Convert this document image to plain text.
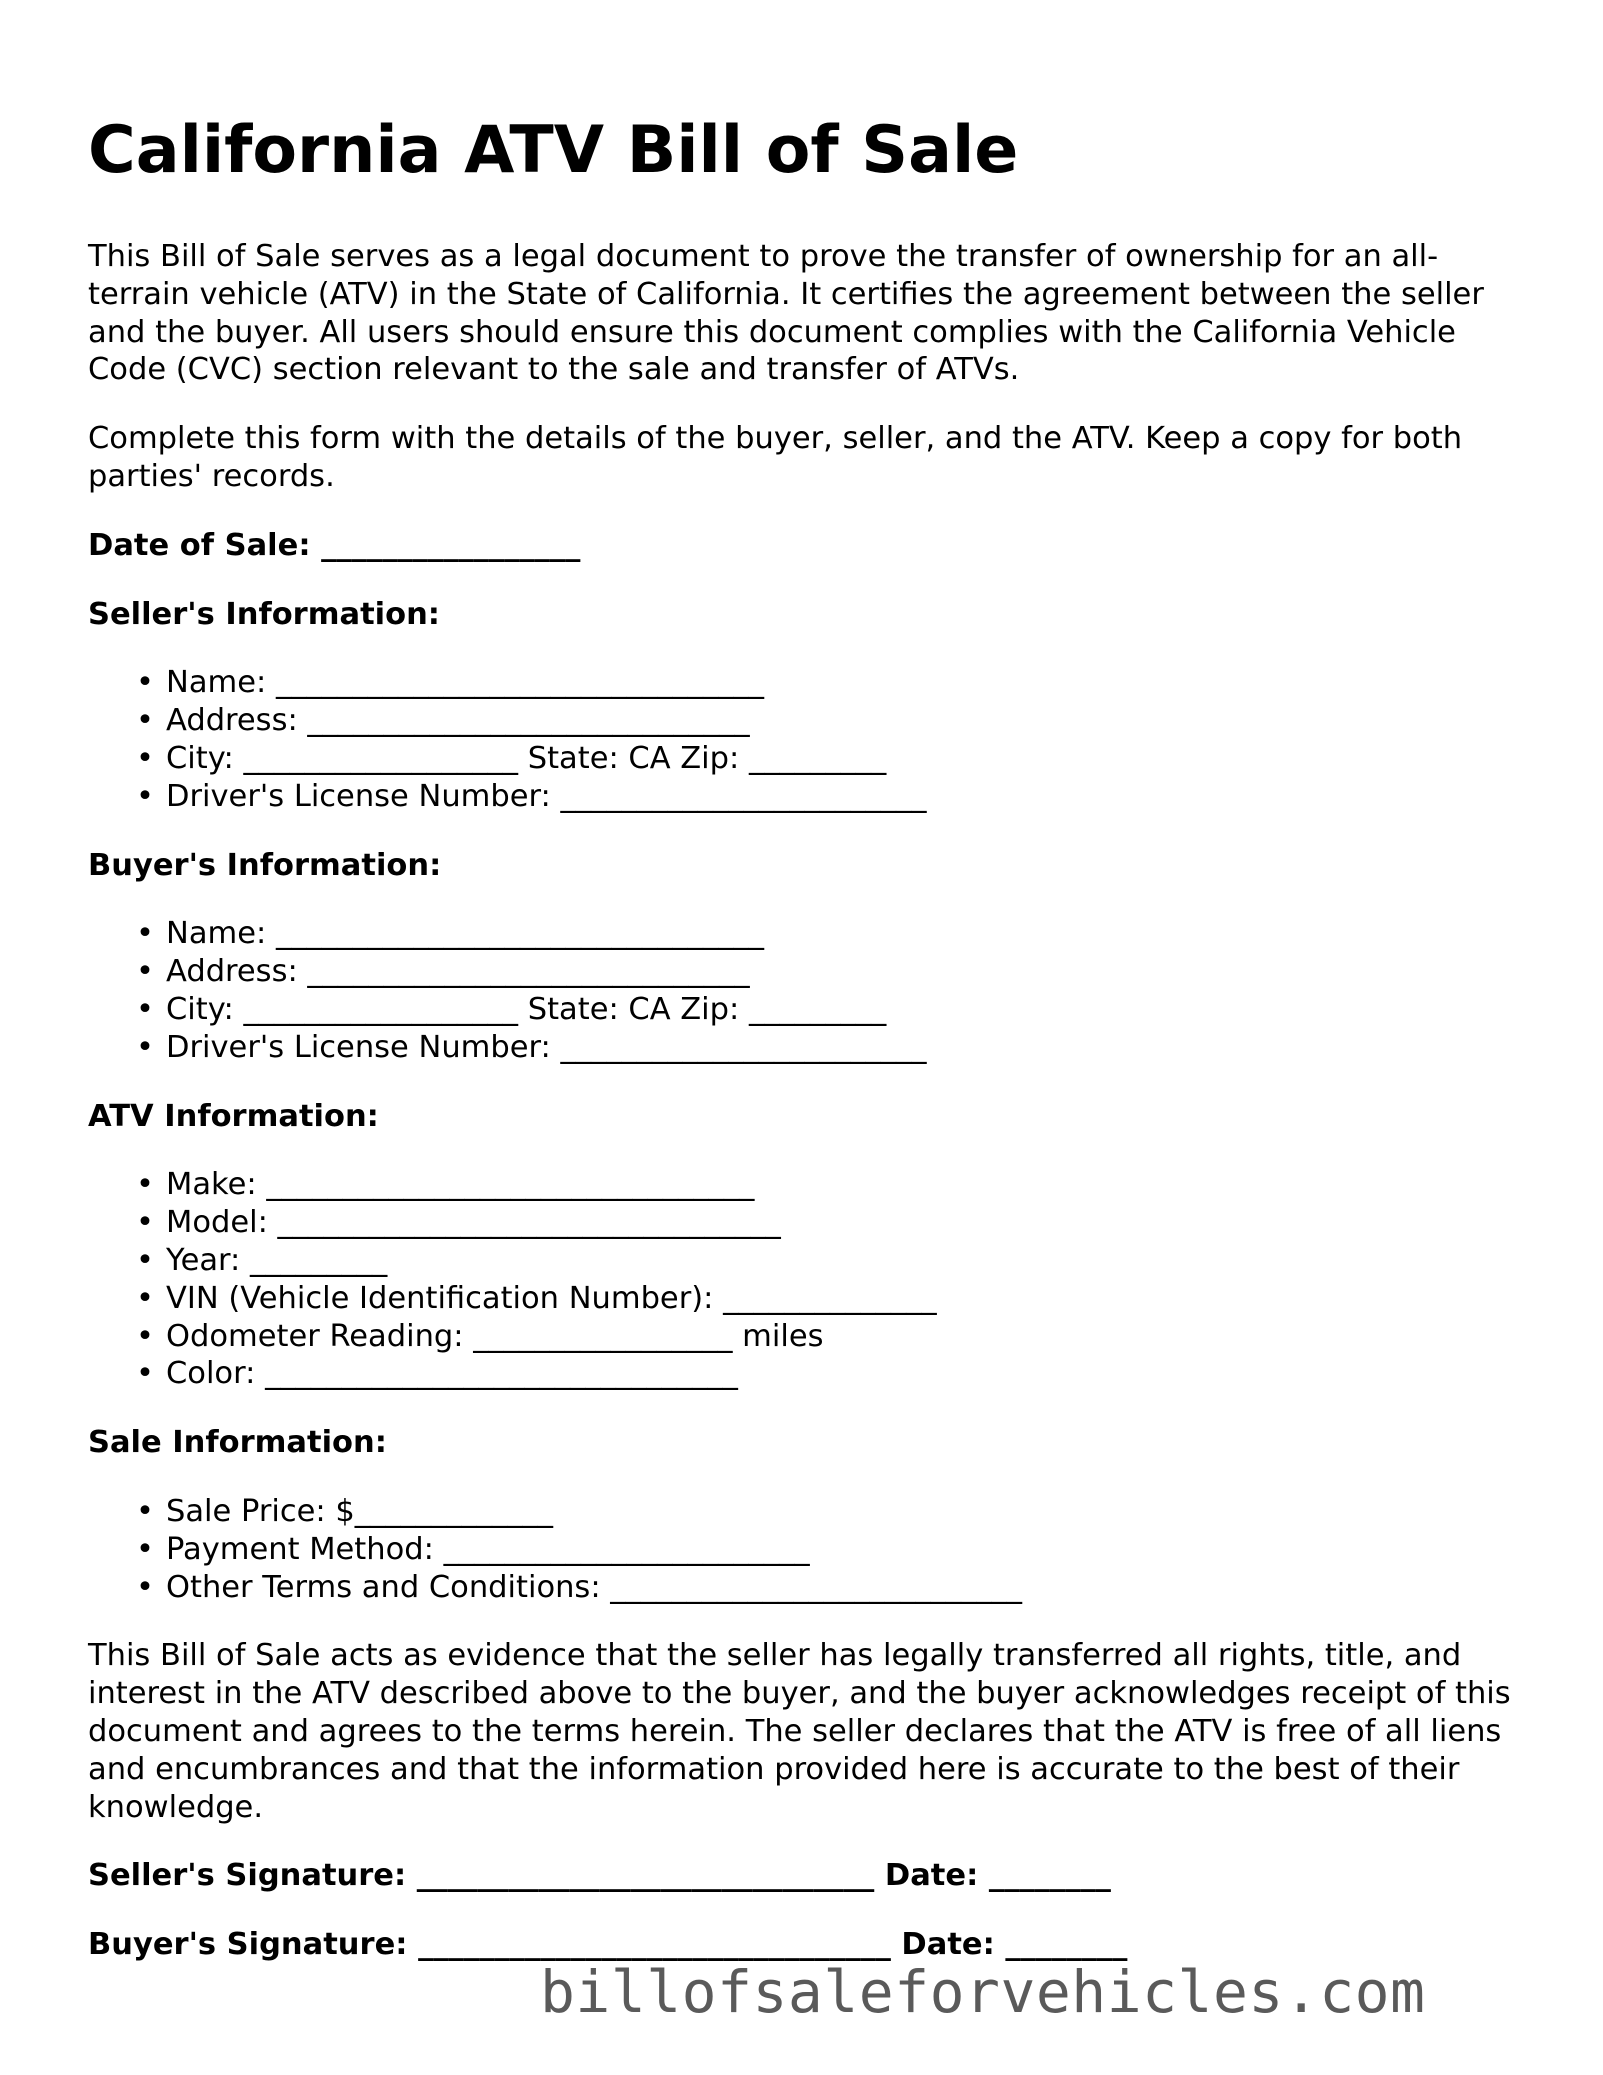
California ATV Bill of Sale

This Bill of Sale serves as a legal document to prove the transfer of ownership for an all-terrain vehicle (ATV) in the State of California. It certifies the agreement between the seller and the buyer. All users should ensure this document complies with the California Vehicle Code (CVC) section relevant to the sale and transfer of ATVs.

Complete this form with the details of the buyer, seller, and the ATV. Keep a copy for both parties' records.

Date of Sale: _________________
Seller's Information:
• Name: ________________________________
• Address: _____________________________
• City: __________________ State: CA Zip: _________
• Driver's License Number: ________________________
Buyer's Information:
• Name: ________________________________
• Address: _____________________________
• City: __________________ State: CA Zip: _________
• Driver's License Number: ________________________
ATV Information:
• Make: ________________________________
• Model: _________________________________
• Year: _________
• VIN (Vehicle Identification Number): ______________
• Odometer Reading: _________________ miles
• Color: _______________________________
Sale Information:
• Sale Price: $_____________
• Payment Method: ________________________
• Other Terms and Conditions: ___________________________

This Bill of Sale acts as evidence that the seller has legally transferred all rights, title, and interest in the ATV described above to the buyer, and the buyer acknowledges receipt of this document and agrees to the terms herein. The seller declares that the ATV is free of all liens and encumbrances and that the information provided here is accurate to the best of their knowledge.

Seller's Signature: ______________________________ Date: ________
Buyer's Signature: _______________________________ Date: ________
billofsaleforvehicles.com
